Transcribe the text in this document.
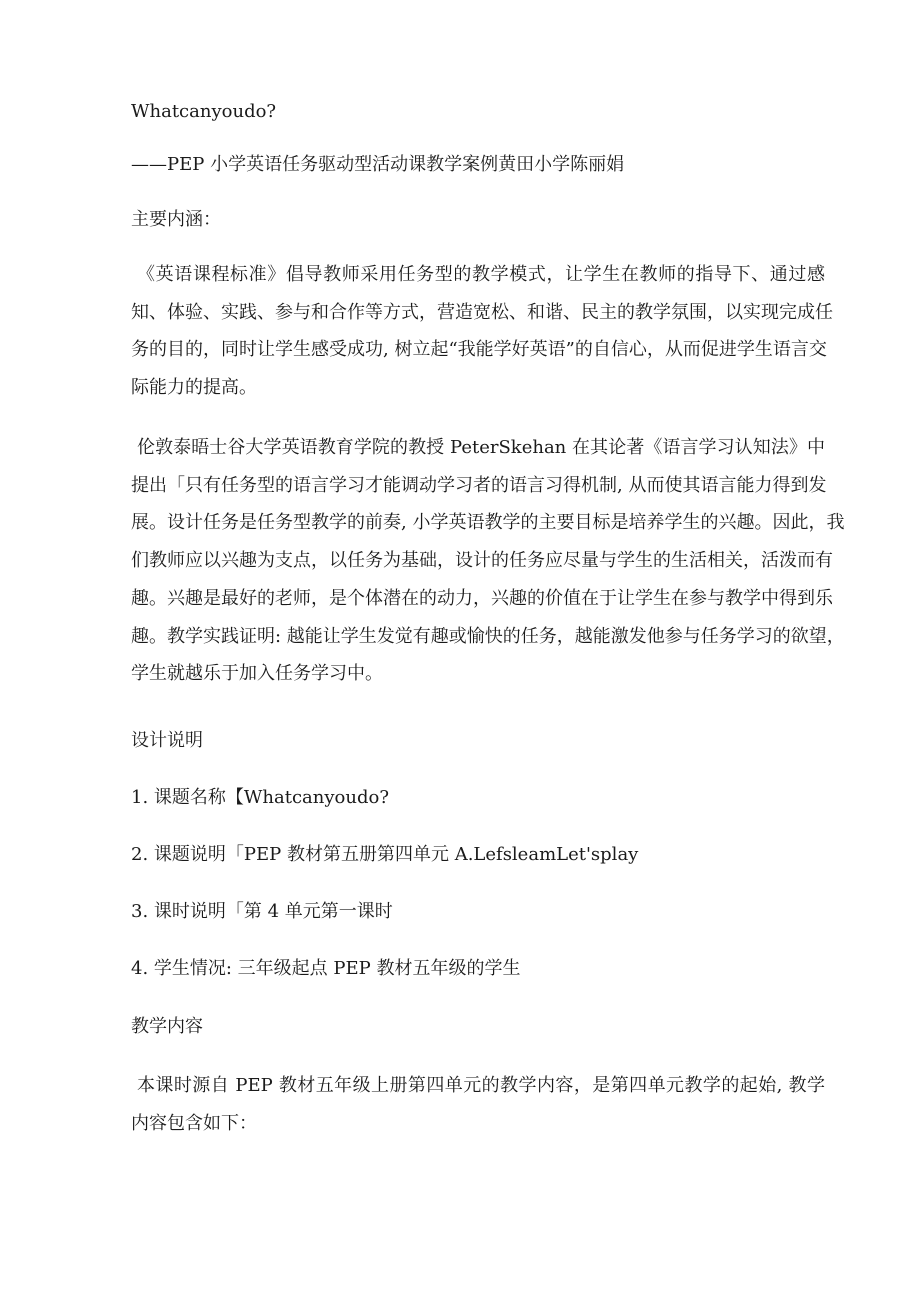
Whatcanyoudo?

——PEP 小学英语任务驱动型活动课教学案例黄田小学陈丽娟

主要内涵：

《英语课程标准》倡导教师采用任务型的教学模式，让学生在教师的指导下、通过感
知、体验、实践、参与和合作等方式，营造宽松、和谐、民主的教学氛围，以实现完成任
务的目的，同时让学生感受成功, 树立起“我能学好英语”的自信心，从而促进学生语言交
际能力的提高。
伦敦泰晤士谷大学英语教育学院的教授 PeterSkehan 在其论著《语言学习认知法》中
提出「只有任务型的语言学习才能调动学习者的语言习得机制, 从而使其语言能力得到发
展。设计任务是任务型教学的前奏, 小学英语教学的主要目标是培养学生的兴趣。因此，我
们教师应以兴趣为支点，以任务为基础，设计的任务应尽量与学生的生活相关，活泼而有
趣。兴趣是最好的老师，是个体潜在的动力，兴趣的价值在于让学生在参与教学中得到乐
趣。教学实践证明: 越能让学生发觉有趣或愉快的任务，越能激发他参与任务学习的欲望，
学生就越乐于加入任务学习中。

设计说明

1. 课题名称【Whatcanyoudo?

2. 课题说明「PEP 教材第五册第四单元 A.LefsleamLet'splay

3. 课时说明「第 4 单元第一课时

4. 学生情况: 三年级起点 PEP 教材五年级的学生

教学内容

本课时源自 PEP 教材五年级上册第四单元的教学内容，是第四单元教学的起始, 教学
内容包含如下：
